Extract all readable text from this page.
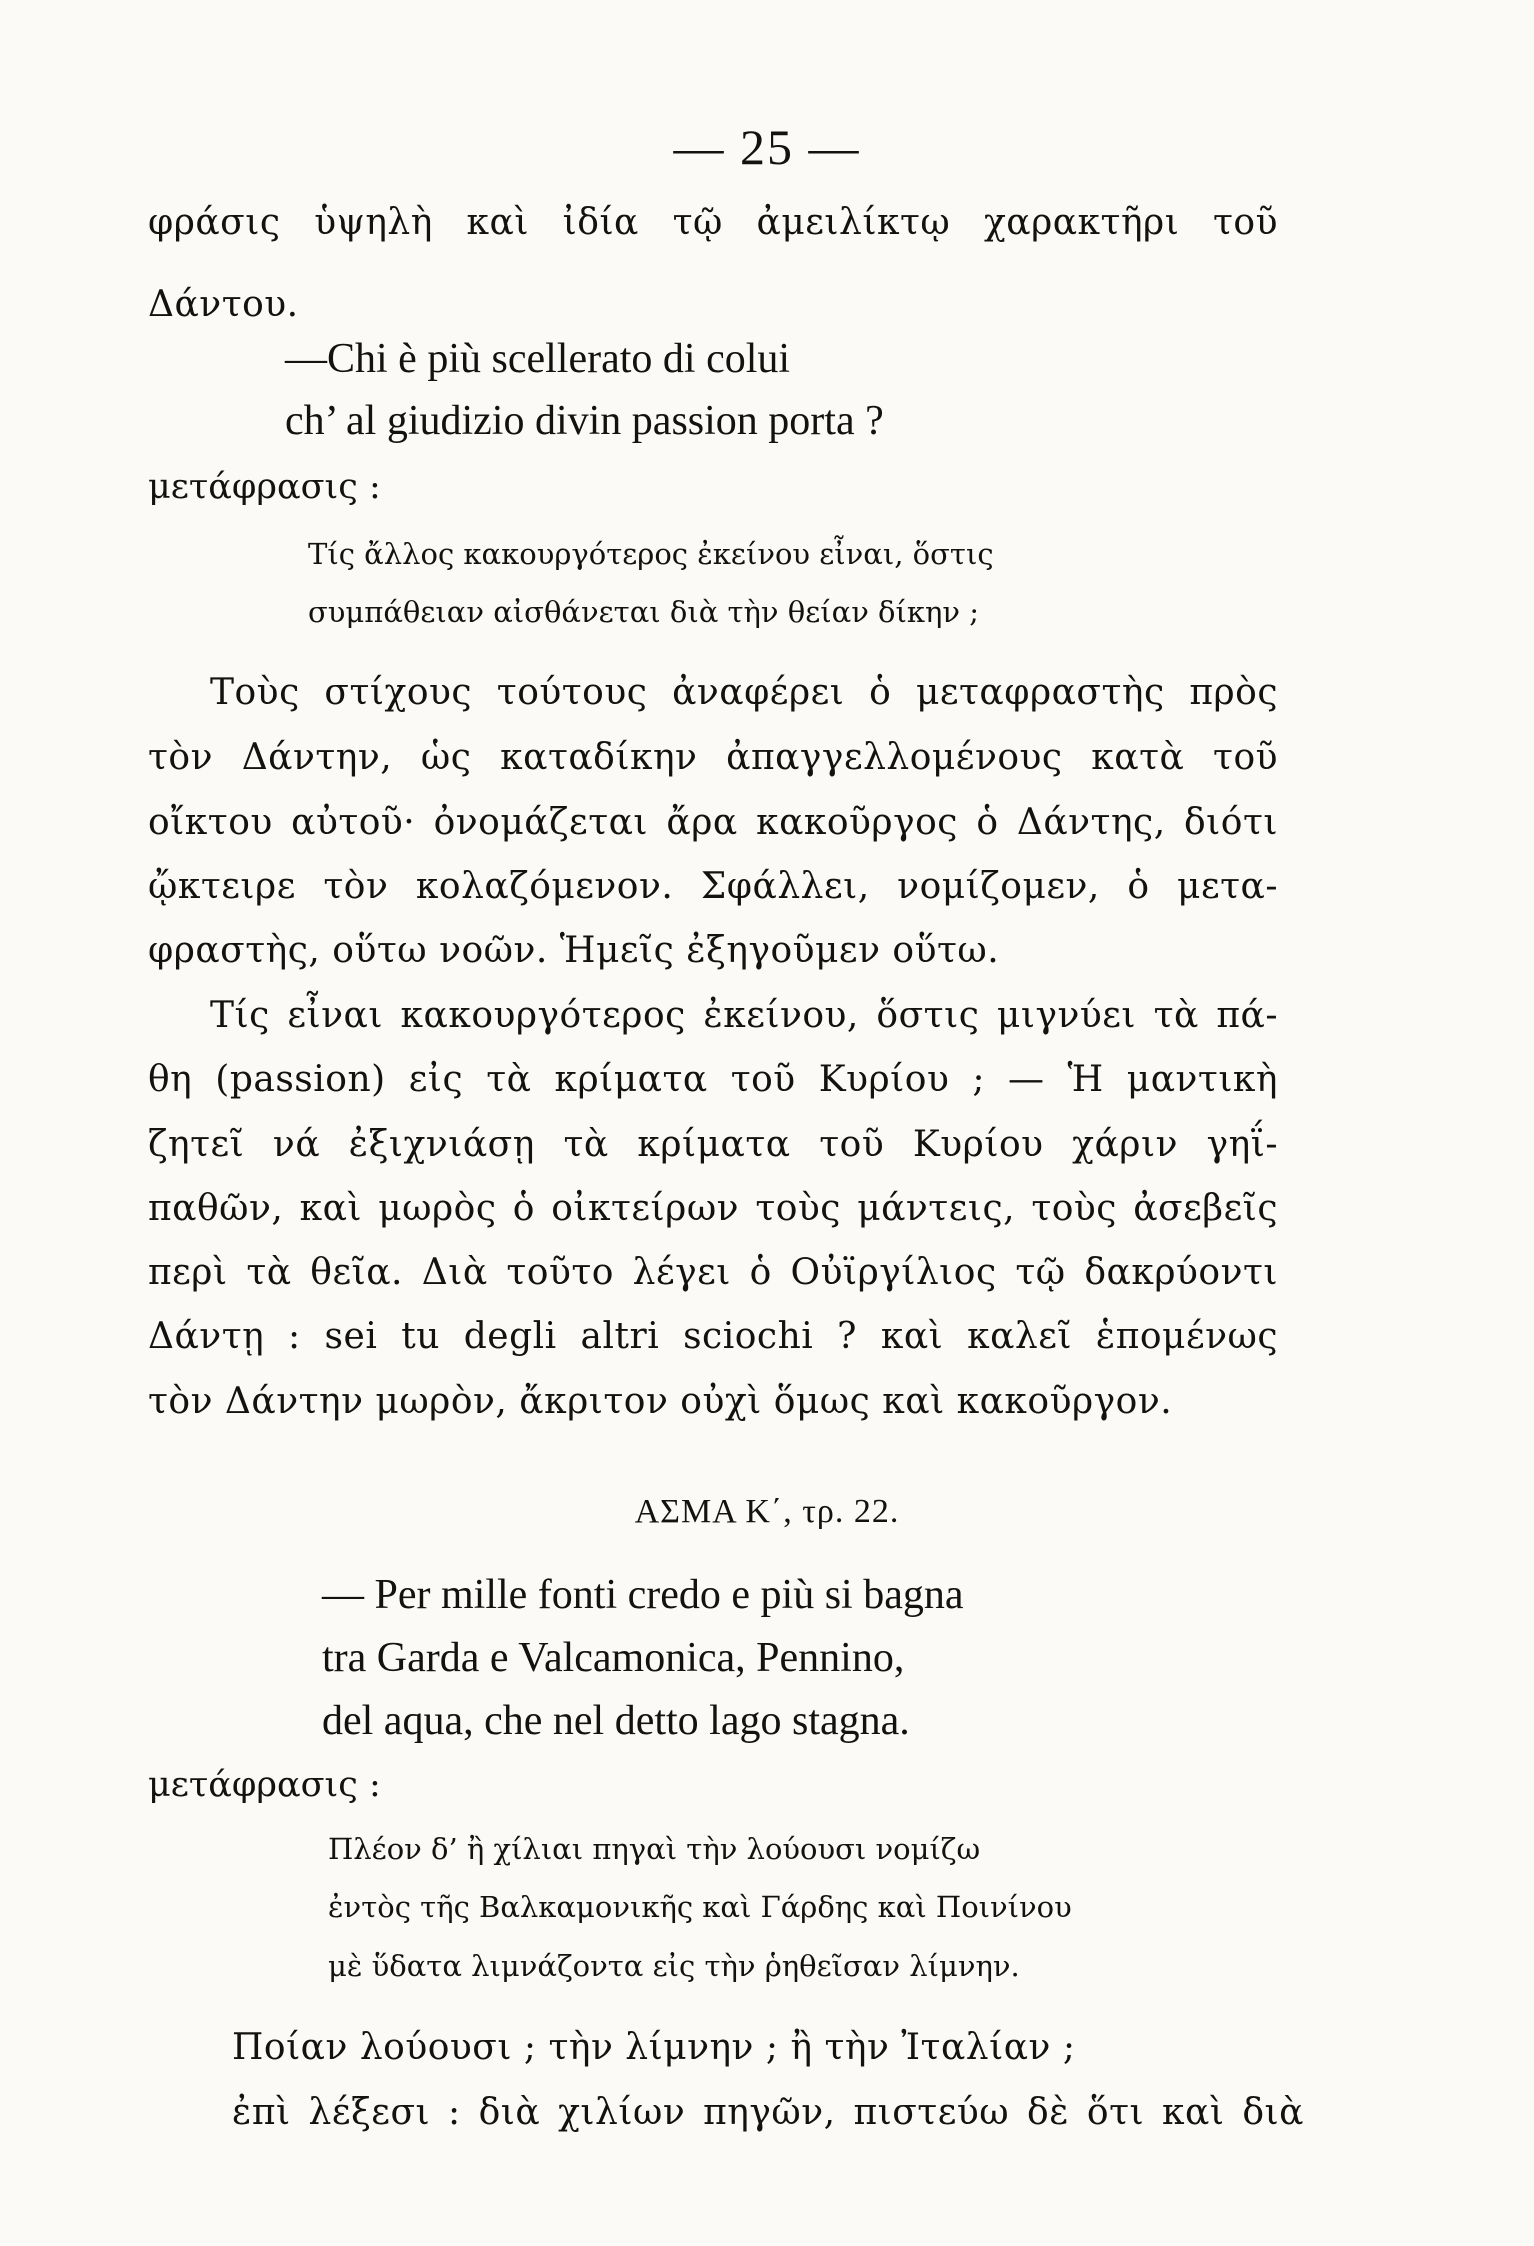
— 25 —
φράσις ὑψηλὴ καὶ ἰδία τῷ ἀμειλίκτῳ χαρακτῆρι τοῦ
Δάντου.
—Chi è più scellerato di colui
ch’ al giudizio divin passion porta ?
μετάφρασις :
Τίς ἄλλος κακουργότερος ἐκείνου εἶναι, ὅστις
συμπάθειαν αἰσθάνεται διὰ τὴν θείαν δίκην ;
Τοὺς στίχους τούτους ἀναφέρει ὁ μεταφραστὴς πρὸς
τὸν Δάντην, ὡς καταδίκην ἀπαγγελλομένους κατὰ τοῦ
οἴκτου αὐτοῦ· ὀνομάζεται ἄρα κακοῦργος ὁ Δάντης, διότι
ᾤκτειρε τὸν κολαζόμενον. Σφάλλει, νομίζομεν, ὁ μετα-
φραστὴς, οὕτω νοῶν. Ἡμεῖς ἐξηγοῦμεν οὕτω.
Τίς εἶναι κακουργότερος ἐκείνου, ὅστις μιγνύει τὰ πά-
θη (passion) εἰς τὰ κρίματα τοῦ Κυρίου ; — Ἡ μαντικὴ
ζητεῖ νά ἐξιχνιάσῃ τὰ κρίματα τοῦ Κυρίου χάριν γηΐ-
παθῶν, καὶ μωρὸς ὁ οἰκτείρων τοὺς μάντεις, τοὺς ἀσεβεῖς
περὶ τὰ θεῖα. Διὰ τοῦτο λέγει ὁ Οὐϊργίλιος τῷ δακρύοντι
Δάντῃ : sei tu degli altri sciochi ? καὶ καλεῖ ἑπομένως
τὸν Δάντην μωρὸν, ἄκριτον οὐχὶ ὅμως καὶ κακοῦργον.
ΑΣΜΑ Κ΄, τρ. 22.
— Per mille fonti credo e più si bagna
tra Garda e Valcamonica, Pennino,
del aqua, che nel detto lago stagna.
μετάφρασις :
Πλέον δ’ ἢ χίλιαι πηγαὶ τὴν λούουσι νομίζω
ἐντὸς τῆς Βαλκαμονικῆς καὶ Γάρδης καὶ Ποινίνου
μὲ ὕδατα λιμνάζοντα εἰς τὴν ῥηθεῖσαν λίμνην.
Ποίαν λούουσι ; τὴν λίμνην ; ἢ τὴν Ἰταλίαν ;
ἐπὶ λέξεσι : διὰ χιλίων πηγῶν, πιστεύω δὲ ὅτι καὶ διὰ
